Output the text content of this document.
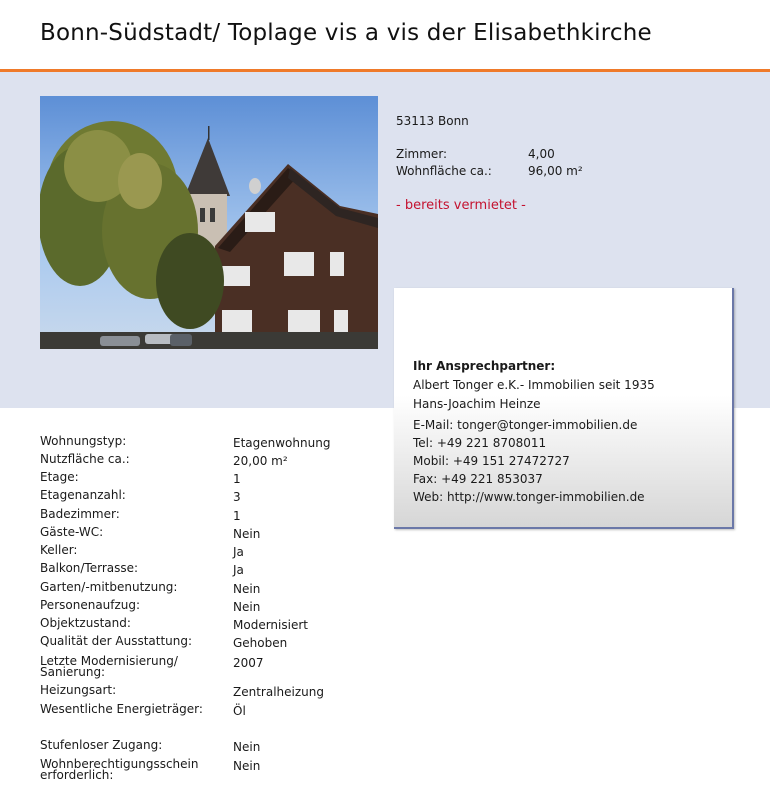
Bonn-Südstadt/ Toplage vis a vis der Elisabethkirche
53113 Bonn
Zimmer:	4,00
Wohnfläche ca.:	96,00 m²
- bereits vermietet -
Ihr Ansprechpartner:
Albert Tonger e.K.- Immobilien seit 1935
Hans-Joachim Heinze
E-Mail: tonger@tonger-immobilien.de
Tel: +49 221 8708011
Mobil: +49 151 27472727
Fax: +49 221 853037
Web: http://www.tonger-immobilien.de
Wohnungstyp:	Etagenwohnung
Nutzfläche ca.:	20,00 m²
Etage:	1
Etagenanzahl:	3
Badezimmer:	1
Gäste-WC:	Nein
Keller:	Ja
Balkon/Terrasse:	Ja
Garten/-mitbenutzung:	Nein
Personenaufzug:	Nein
Objektzustand:	Modernisiert
Qualität der Ausstattung:	Gehoben
Letzte Modernisierung/ Sanierung:
2007
Heizungsart:	Zentralheizung
Wesentliche Energieträger:	Öl
Stufenloser Zugang:	Nein
Wohnberechtigungsschein erforderlich:
Nein
